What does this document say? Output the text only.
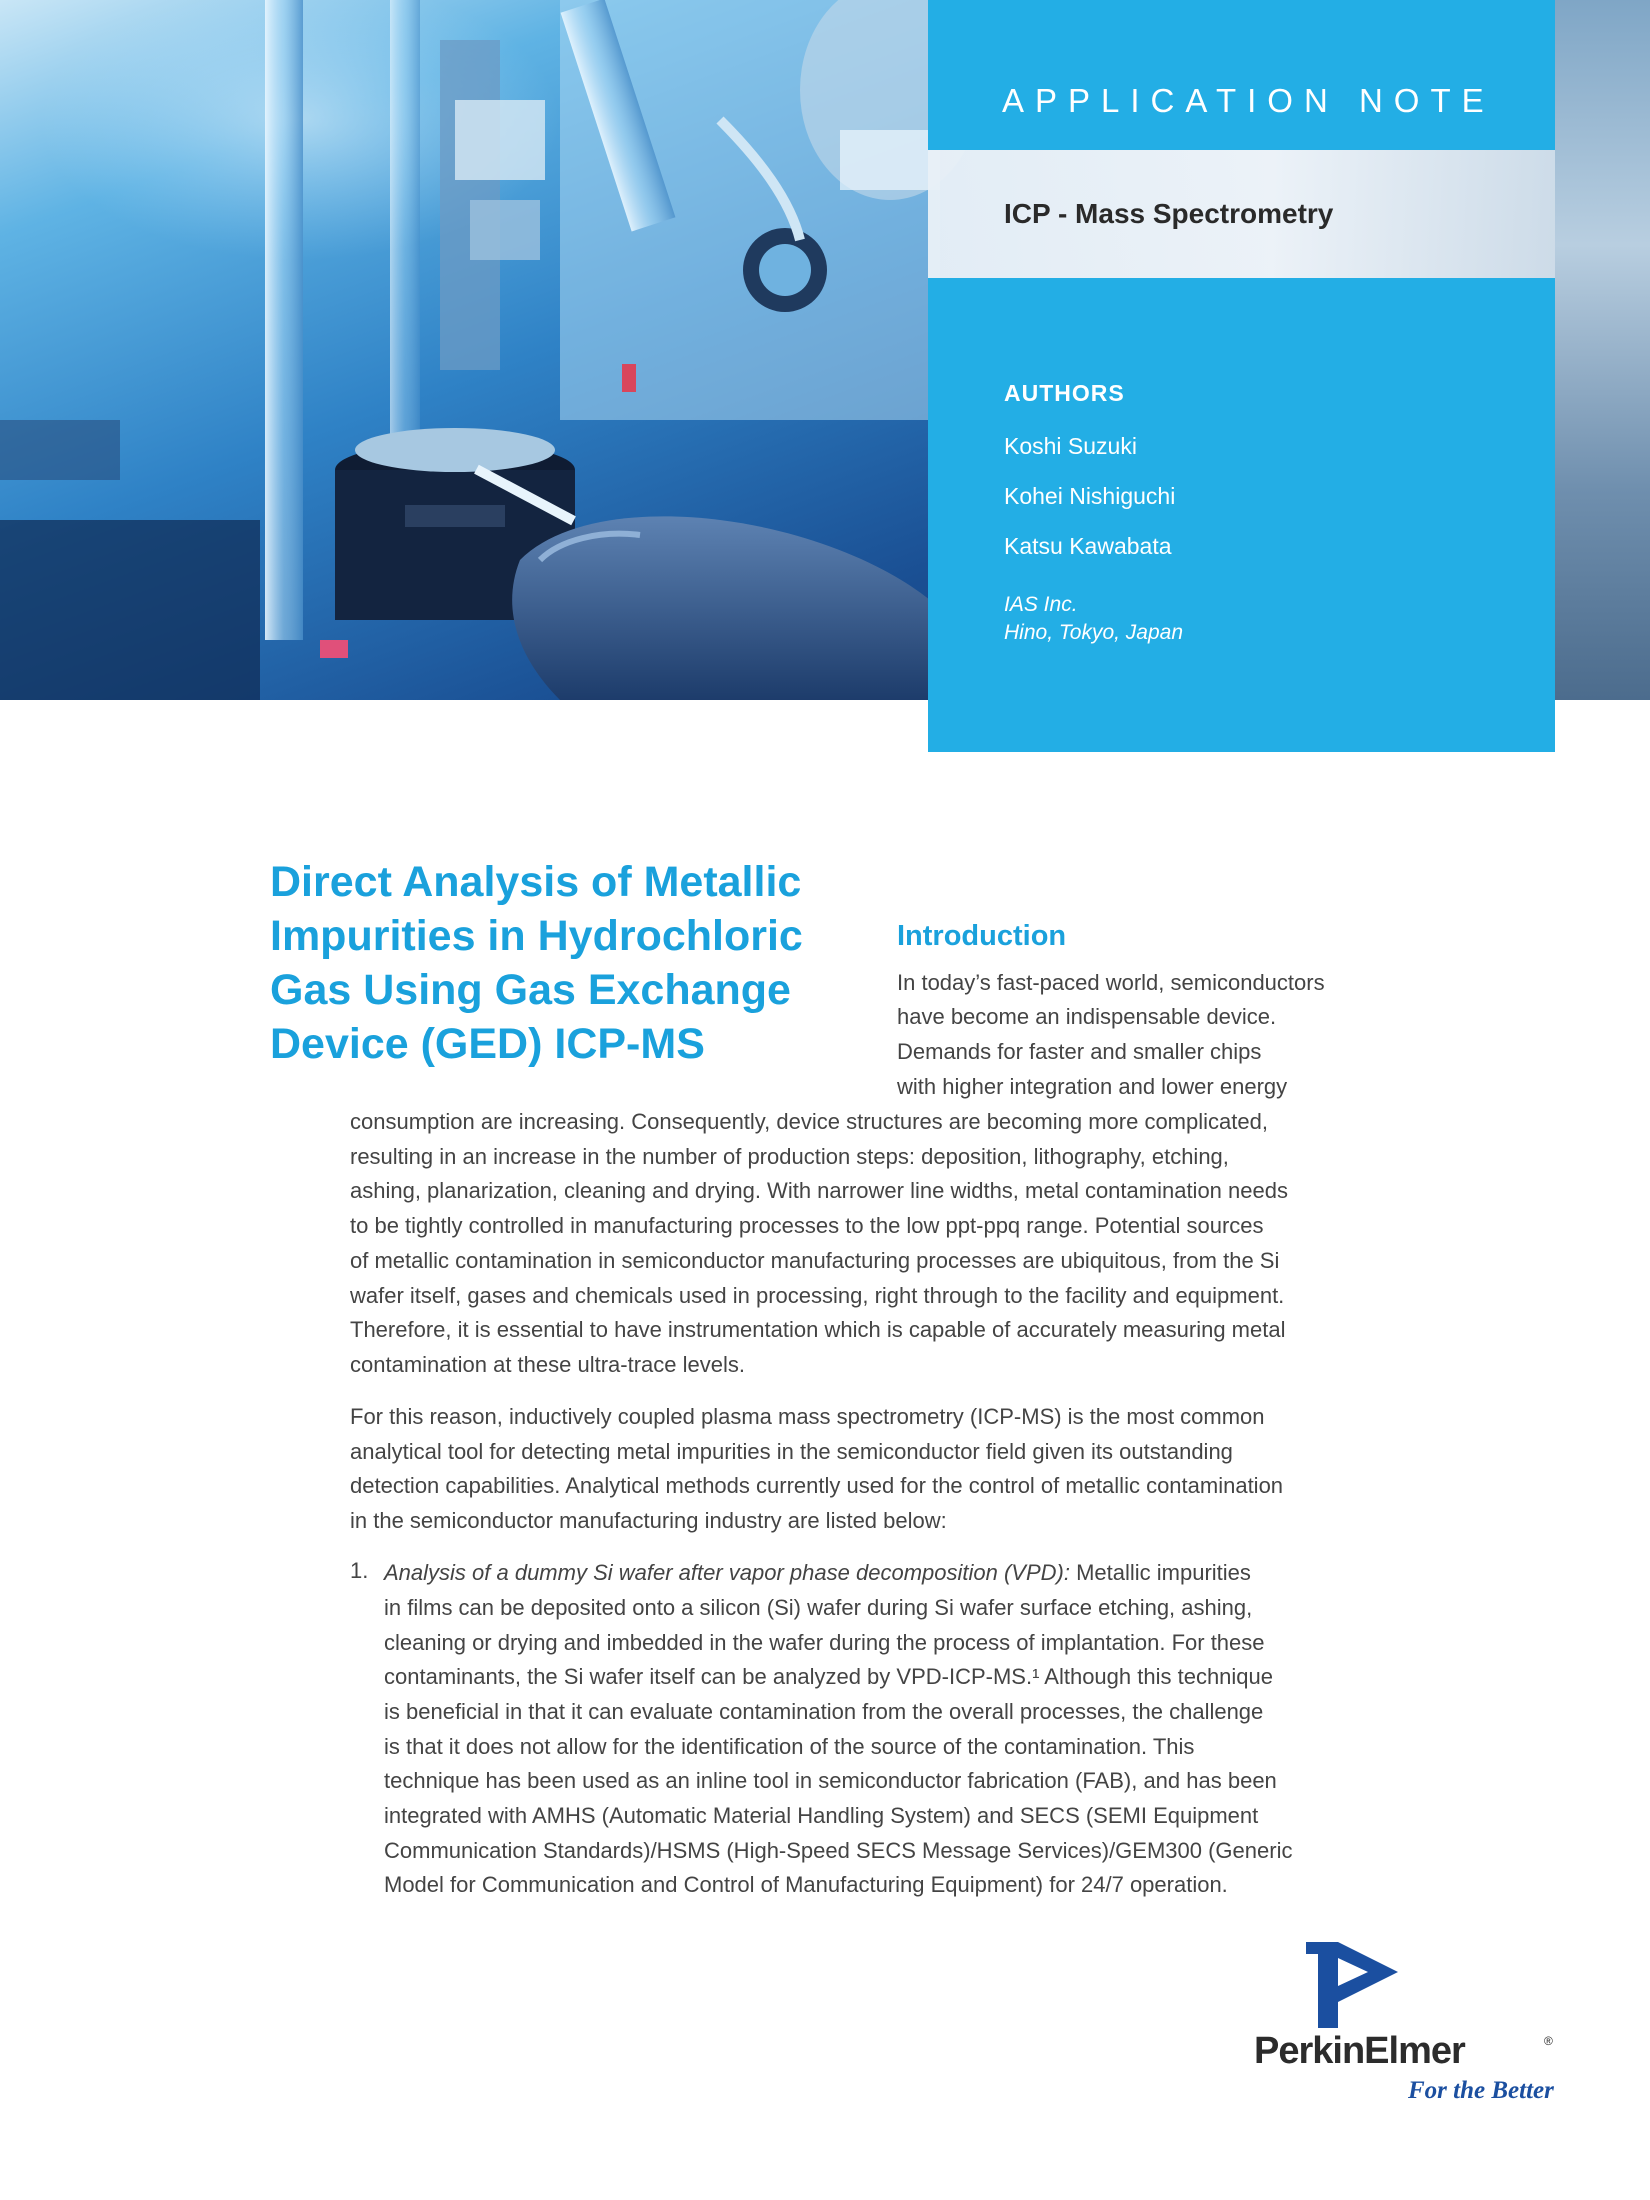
APPLICATION NOTE
ICP - Mass Spectrometry
AUTHORS
Koshi Suzuki
Kohei Nishiguchi
Katsu Kawabata
IAS Inc.
Hino, Tokyo, Japan
Direct Analysis of Metallic
Impurities in Hydrochloric
Gas Using Gas Exchange
Device (GED) ICP-MS
Introduction
In today’s fast-paced world, semiconductors
have become an indispensable device.
Demands for faster and smaller chips
with higher integration and lower energy
consumption are increasing. Consequently, device structures are becoming more complicated,
resulting in an increase in the number of production steps: deposition, lithography, etching,
ashing, planarization, cleaning and drying. With narrower line widths, metal contamination needs
to be tightly controlled in manufacturing processes to the low ppt-ppq range. Potential sources
of metallic contamination in semiconductor manufacturing processes are ubiquitous, from the Si
wafer itself, gases and chemicals used in processing, right through to the facility and equipment.
Therefore, it is essential to have instrumentation which is capable of accurately measuring metal
contamination at these ultra-trace levels.
For this reason, inductively coupled plasma mass spectrometry (ICP-MS) is the most common
analytical tool for detecting metal impurities in the semiconductor field given its outstanding
detection capabilities. Analytical methods currently used for the control of metallic contamination
in the semiconductor manufacturing industry are listed below:
1. Analysis of a dummy Si wafer after vapor phase decomposition (VPD): Metallic impurities
in films can be deposited onto a silicon (Si) wafer during Si wafer surface etching, ashing,
cleaning or drying and imbedded in the wafer during the process of implantation. For these
contaminants, the Si wafer itself can be analyzed by VPD-ICP-MS.¹ Although this technique
is beneficial in that it can evaluate contamination from the overall processes, the challenge
is that it does not allow for the identification of the source of the contamination. This
technique has been used as an inline tool in semiconductor fabrication (FAB), and has been
integrated with AMHS (Automatic Material Handling System) and SECS (SEMI Equipment
Communication Standards)/HSMS (High-Speed SECS Message Services)/GEM300 (Generic
Model for Communication and Control of Manufacturing Equipment) for 24/7 operation.
PerkinElmer	®
For the Better
